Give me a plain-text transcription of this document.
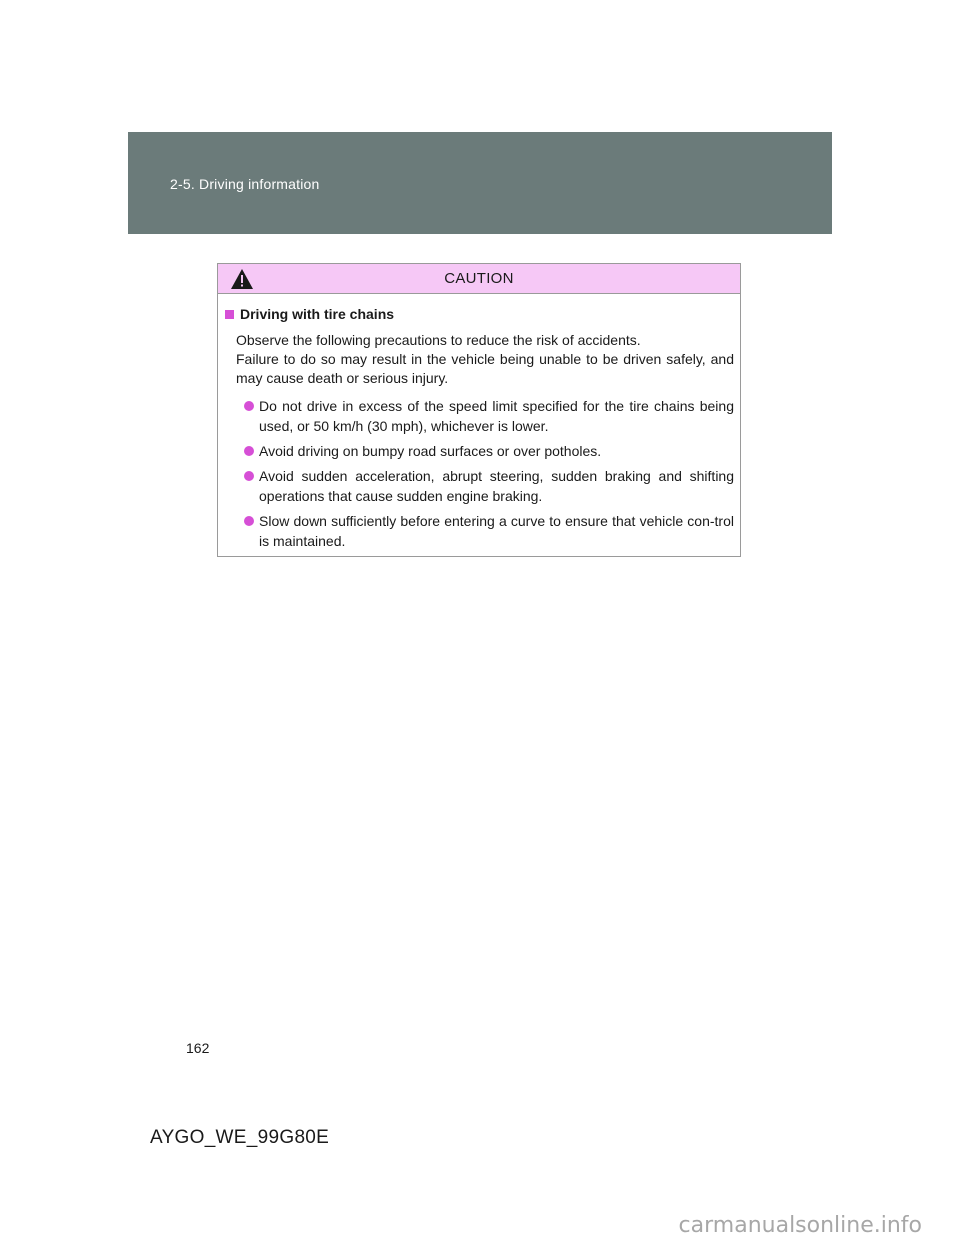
2-5. Driving information
CAUTION
Driving with tire chains
Observe the following precautions to reduce the risk of accidents.
Failure to do so may result in the vehicle being unable to be driven safely, and may cause death or serious injury.
Do not drive in excess of the speed limit specified for the tire chains being used, or 50 km/h (30 mph), whichever is lower.
Avoid driving on bumpy road surfaces or over potholes.
Avoid sudden acceleration, abrupt steering, sudden braking and shifting operations that cause sudden engine braking.
Slow down sufficiently before entering a curve to ensure that vehicle con-trol is maintained.
162
AYGO_WE_99G80E
carmanualsonline.info
